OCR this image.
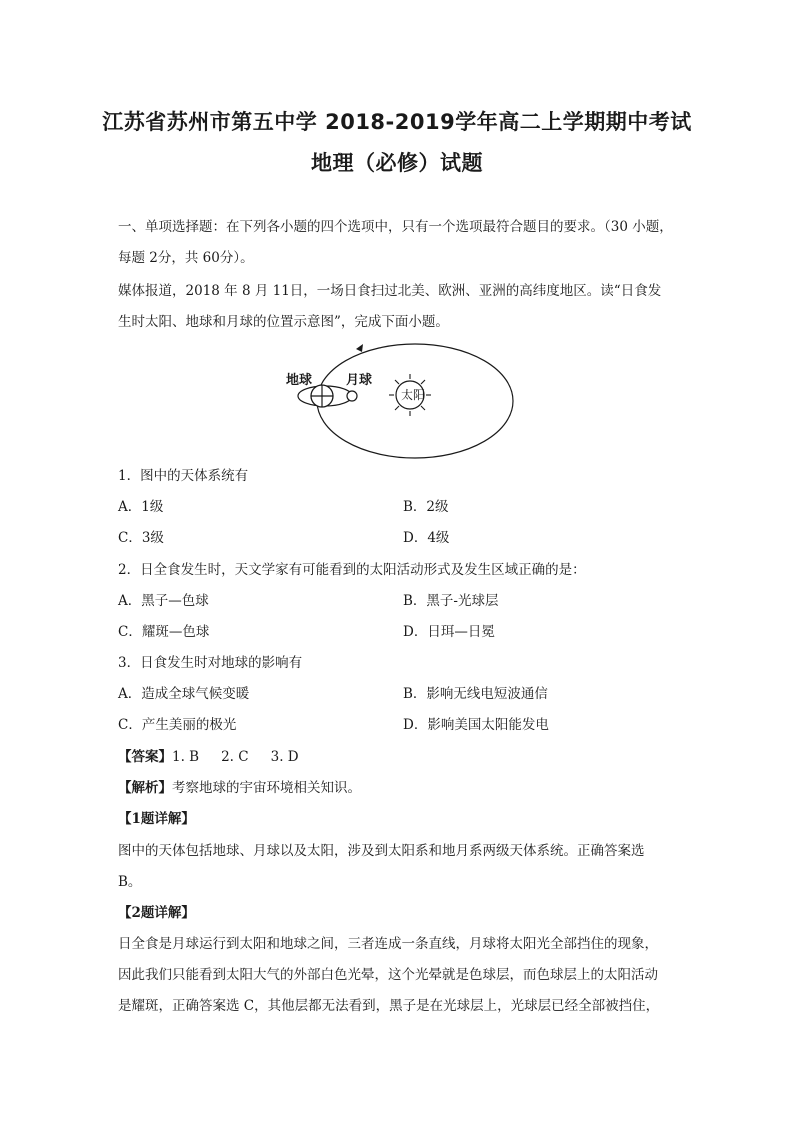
江苏省苏州市第五中学 2018-2019学年高二上学期期中考试
地理（必修）试题
一、单项选择题：在下列各小题的四个选项中，只有一个选项最符合题目的要求。（30 小题，
每题 2分，共 60分）。
媒体报道，2018 年 8 月 11日，一场日食扫过北美、欧洲、亚洲的高纬度地区。读“日食发
生时太阳、地球和月球的位置示意图”，完成下面小题。
地球	月球
太阳
1．图中的天体系统有
A．1级	B．2级
C．3级	D．4级
2．日全食发生时，天文学家有可能看到的太阳活动形式及发生区域正确的是：
A．黑子—色球	B．黑子-光球层
C．耀斑—色球	D．日珥—日冕
3．日食发生时对地球的影响有
A．造成全球气候变暖	B．影响无线电短波通信
C．产生美丽的极光	D．影响美国太阳能发电
【答案】1. B 2. C 3. D
【解析】考察地球的宇宙环境相关知识。
【1题详解】
图中的天体包括地球、月球以及太阳，涉及到太阳系和地月系两级天体系统。正确答案选
B。
【2题详解】
日全食是月球运行到太阳和地球之间，三者连成一条直线，月球将太阳光全部挡住的现象，
因此我们只能看到太阳大气的外部白色光晕，这个光晕就是色球层，而色球层上的太阳活动
是耀斑，正确答案选 C，其他层都无法看到，黑子是在光球层上，光球层已经全部被挡住，
